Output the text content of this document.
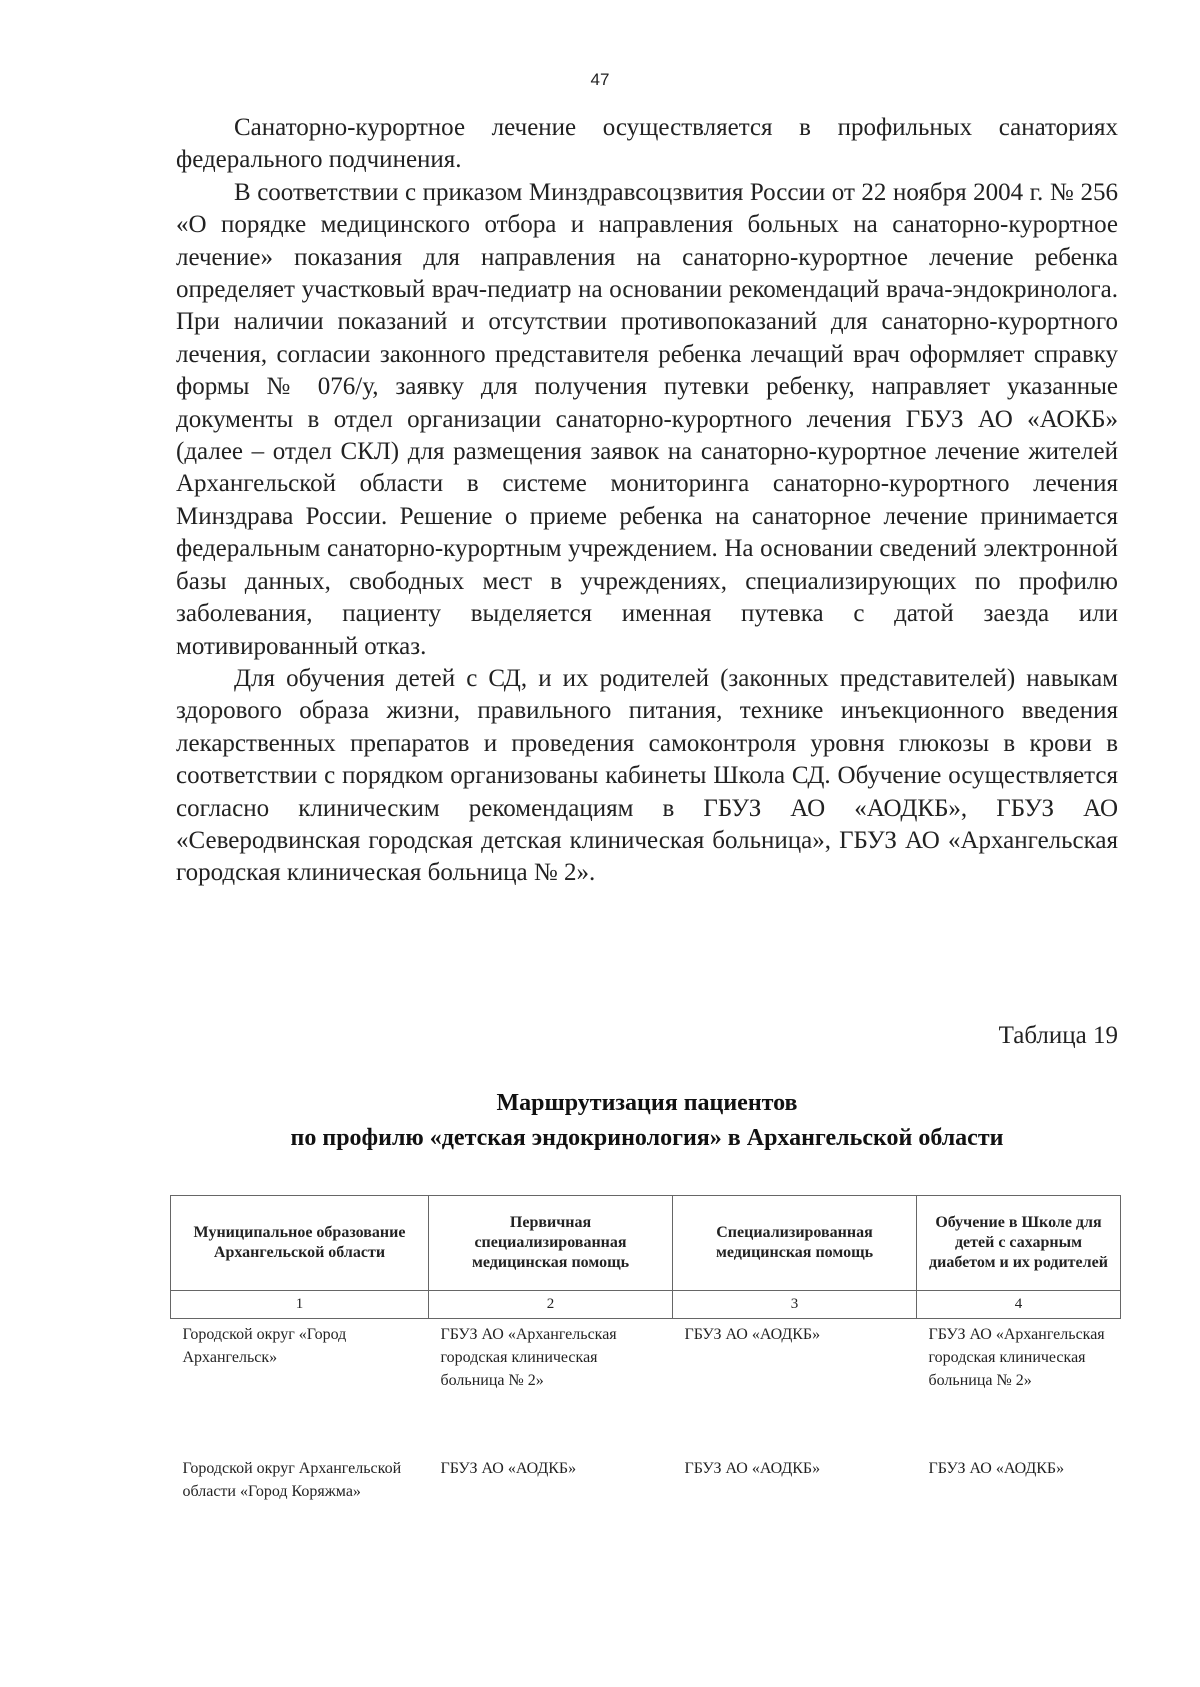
47

Санаторно-курортное лечение осуществляется в профильных санаториях федерального подчинения.

В соответствии с приказом Минздравсоцзвития России от 22 ноября 2004 г. № 256 «О порядке медицинского отбора и направления больных на санаторно-курортное лечение» показания для направления на санаторно-курортное лечение ребенка определяет участковый врач-педиатр на основании рекомендаций врача-эндокринолога. При наличии показаний и отсутствии противопоказаний для санаторно-курортного лечения, согласии законного представителя ребенка лечащий врач оформляет справку формы № 076/у, заявку для получения путевки ребенку, направляет указанные документы в отдел организации санаторно-курортного лечения ГБУЗ АО «АОКБ» (далее – отдел СКЛ) для размещения заявок на санаторно-курортное лечение жителей Архангельской области в системе мониторинга санаторно-курортного лечения Минздрава России. Решение о приеме ребенка на санаторное лечение принимается федеральным санаторно-курортным учреждением. На основании сведений электронной базы данных, свободных мест в учреждениях, специализирующих по профилю заболевания, пациенту выделяется именная путевка с датой заезда или мотивированный отказ.

Для обучения детей с СД, и их родителей (законных представителей) навыкам здорового образа жизни, правильного питания, технике инъекционного введения лекарственных препаратов и проведения самоконтроля уровня глюкозы в крови в соответствии с порядком организованы кабинеты Школа СД. Обучение осуществляется согласно клиническим рекомендациям в ГБУЗ АО «АОДКБ», ГБУЗ АО «Северодвинская городская детская клиническая больница», ГБУЗ АО «Архангельская городская клиническая больница № 2».

Таблица 19
Маршрутизация пациентов
по профилю «детская эндокринология» в Архангельской области
Муниципальное образование Архангельской области	Первичная специализированная медицинская помощь	Специализированная медицинская помощь	Обучение в Школе для детей с сахарным диабетом и их родителей
1	2	3	4
Городской округ «Город Архангельск»	ГБУЗ АО «Архангельская городская клиническая больница № 2»	ГБУЗ АО «АОДКБ»	ГБУЗ АО «Архангельская городская клиническая больница № 2»
Городской округ Архангельской области «Город Коряжма»	ГБУЗ АО «АОДКБ»	ГБУЗ АО «АОДКБ»	ГБУЗ АО «АОДКБ»
